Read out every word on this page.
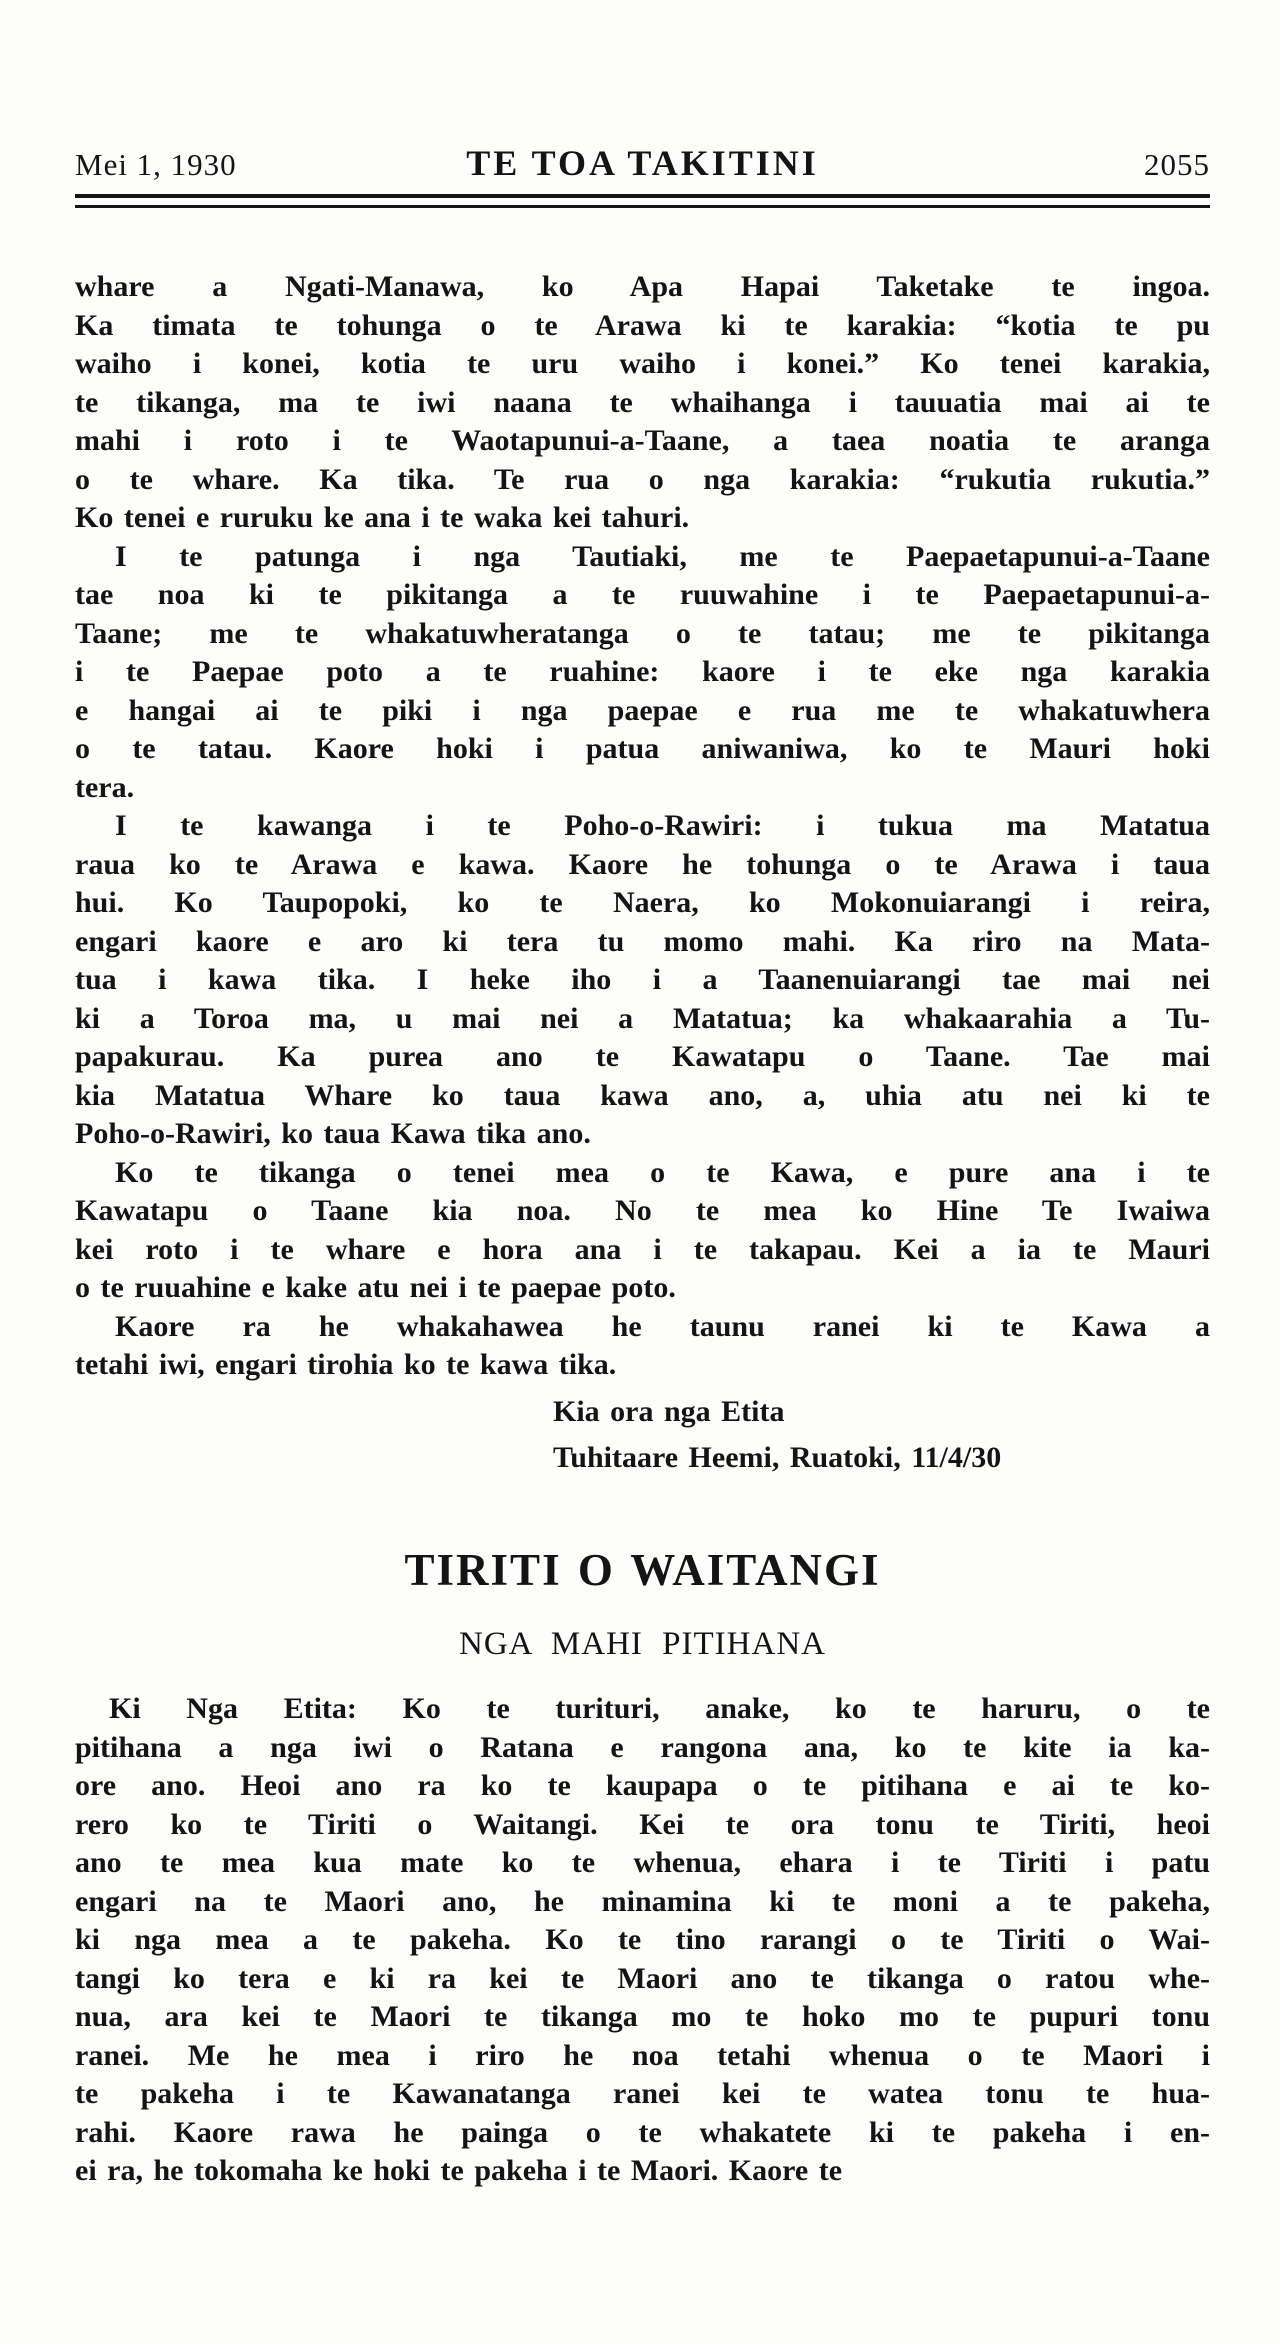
Mei 1, 1930	TE TOA TAKITINI	2055
whare a Ngati-Manawa, ko Apa Hapai Taketake te ingoa.
Ka timata te tohunga o te Arawa ki te karakia: “kotia te pu
waiho i konei, kotia te uru waiho i konei.” Ko tenei karakia,
te tikanga, ma te iwi naana te whaihanga i tauuatia mai ai te
mahi i roto i te Waotapunui-a-Taane, a taea noatia te aranga
o te whare. Ka tika. Te rua o nga karakia: “rukutia rukutia.”
Ko tenei e ruruku ke ana i te waka kei tahuri.
I te patunga i nga Tautiaki, me te Paepaetapunui-a-Taane
tae noa ki te pikitanga a te ruuwahine i te Paepaetapunui-a-
Taane; me te whakatuwheratanga o te tatau; me te pikitanga
i te Paepae poto a te ruahine: kaore i te eke nga karakia
e hangai ai te piki i nga paepae e rua me te whakatuwhera
o te tatau. Kaore hoki i patua aniwaniwa, ko te Mauri hoki
tera.
I te kawanga i te Poho-o-Rawiri: i tukua ma Matatua
raua ko te Arawa e kawa. Kaore he tohunga o te Arawa i taua
hui. Ko Taupopoki, ko te Naera, ko Mokonuiarangi i reira,
engari kaore e aro ki tera tu momo mahi. Ka riro na Mata-
tua i kawa tika. I heke iho i a Taanenuiarangi tae mai nei
ki a Toroa ma, u mai nei a Matatua; ka whakaarahia a Tu-
papakurau. Ka purea ano te Kawatapu o Taane. Tae mai
kia Matatua Whare ko taua kawa ano, a, uhia atu nei ki te
Poho-o-Rawiri, ko taua Kawa tika ano.
Ko te tikanga o tenei mea o te Kawa, e pure ana i te
Kawatapu o Taane kia noa. No te mea ko Hine Te Iwaiwa
kei roto i te whare e hora ana i te takapau. Kei a ia te Mauri
o te ruuahine e kake atu nei i te paepae poto.
Kaore ra he whakahawea he taunu ranei ki te Kawa a
tetahi iwi, engari tirohia ko te kawa tika.
Kia ora nga Etita
Tuhitaare Heemi, Ruatoki, 11/4/30
TIRITI O WAITANGI
NGA MAHI PITIHANA
Ki Nga Etita: Ko te turituri, anake, ko te haruru, o te
pitihana a nga iwi o Ratana e rangona ana, ko te kite ia ka-
ore ano. Heoi ano ra ko te kaupapa o te pitihana e ai te ko-
rero ko te Tiriti o Waitangi. Kei te ora tonu te Tiriti, heoi
ano te mea kua mate ko te whenua, ehara i te Tiriti i patu
engari na te Maori ano, he minamina ki te moni a te pakeha,
ki nga mea a te pakeha. Ko te tino rarangi o te Tiriti o Wai-
tangi ko tera e ki ra kei te Maori ano te tikanga o ratou whe-
nua, ara kei te Maori te tikanga mo te hoko mo te pupuri tonu
ranei. Me he mea i riro he noa tetahi whenua o te Maori i
te pakeha i te Kawanatanga ranei kei te watea tonu te hua-
rahi. Kaore rawa he painga o te whakatete ki te pakeha i en-
ei ra, he tokomaha ke hoki te pakeha i te Maori. Kaore te
